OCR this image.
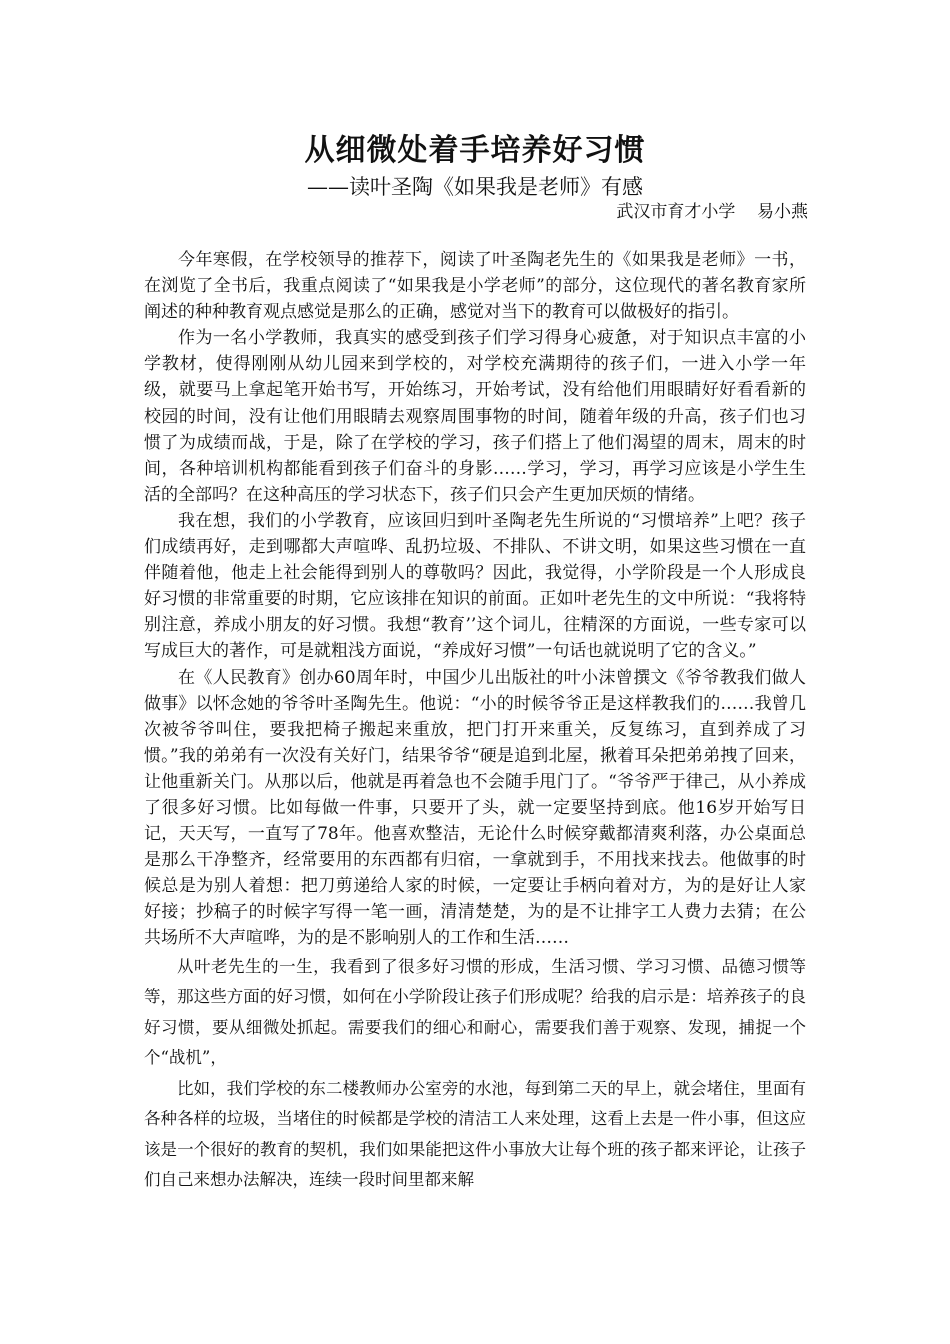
从细微处着手培养好习惯
——读叶圣陶《如果我是老师》有感
武汉市育才小学    易小燕

今年寒假，在学校领导的推荐下，阅读了叶圣陶老先生的《如果我是老师》一书，在浏览了全书后，我重点阅读了“如果我是小学老师”的部分，这位现代的著名教育家所阐述的种种教育观点感觉是那么的正确，感觉对当下的教育可以做极好的指引。

作为一名小学教师，我真实的感受到孩子们学习得身心疲惫，对于知识点丰富的小学教材，使得刚刚从幼儿园来到学校的，对学校充满期待的孩子们，一进入小学一年级，就要马上拿起笔开始书写，开始练习，开始考试，没有给他们用眼睛好好看看新的校园的时间，没有让他们用眼睛去观察周围事物的时间，随着年级的升高，孩子们也习惯了为成绩而战，于是，除了在学校的学习，孩子们搭上了他们渴望的周末，周末的时间，各种培训机构都能看到孩子们奋斗的身影……学习，学习，再学习应该是小学生生活的全部吗？在这种高压的学习状态下，孩子们只会产生更加厌烦的情绪。

我在想，我们的小学教育，应该回归到叶圣陶老先生所说的“习惯培养”上吧？孩子们成绩再好，走到哪都大声喧哗、乱扔垃圾、不排队、不讲文明，如果这些习惯在一直伴随着他，他走上社会能得到别人的尊敬吗？因此，我觉得，小学阶段是一个人形成良好习惯的非常重要的时期，它应该排在知识的前面。正如叶老先生的文中所说：“我将特别注意，养成小朋友的好习惯。我想“教育’’这个词儿，往精深的方面说，一些专家可以写成巨大的著作，可是就粗浅方面说，“养成好习惯”一句话也就说明了它的含义。”

在《人民教育》创办60周年时，中国少儿出版社的叶小沫曾撰文《爷爷教我们做人做事》以怀念她的爷爷叶圣陶先生。他说：“小的时候爷爷正是这样教我们的……我曾几次被爷爷叫住，要我把椅子搬起来重放，把门打开来重关，反复练习，直到养成了习惯。”我的弟弟有一次没有关好门，结果爷爷“硬是追到北屋，揪着耳朵把弟弟拽了回来，让他重新关门。从那以后，他就是再着急也不会随手甩门了。“爷爷严于律己，从小养成了很多好习惯。比如每做一件事，只要开了头，就一定要坚持到底。他16岁开始写日记，天天写，一直写了78年。他喜欢整洁，无论什么时候穿戴都清爽利落，办公桌面总是那么干净整齐，经常要用的东西都有归宿，一拿就到手，不用找来找去。他做事的时候总是为别人着想：把刀剪递给人家的时候，一定要让手柄向着对方，为的是好让人家好接；抄稿子的时候字写得一笔一画，清清楚楚，为的是不让排字工人费力去猜；在公共场所不大声喧哗，为的是不影响别人的工作和生活……

从叶老先生的一生，我看到了很多好习惯的形成，生活习惯、学习习惯、品德习惯等等，那这些方面的好习惯，如何在小学阶段让孩子们形成呢？给我的启示是：培养孩子的良好习惯，要从细微处抓起。需要我们的细心和耐心，需要我们善于观察、发现，捕捉一个个“战机”，

比如，我们学校的东二楼教师办公室旁的水池，每到第二天的早上，就会堵住，里面有各种各样的垃圾，当堵住的时候都是学校的清洁工人来处理，这看上去是一件小事，但这应该是一个很好的教育的契机，我们如果能把这件小事放大让每个班的孩子都来评论，让孩子们自己来想办法解决，连续一段时间里都来解
